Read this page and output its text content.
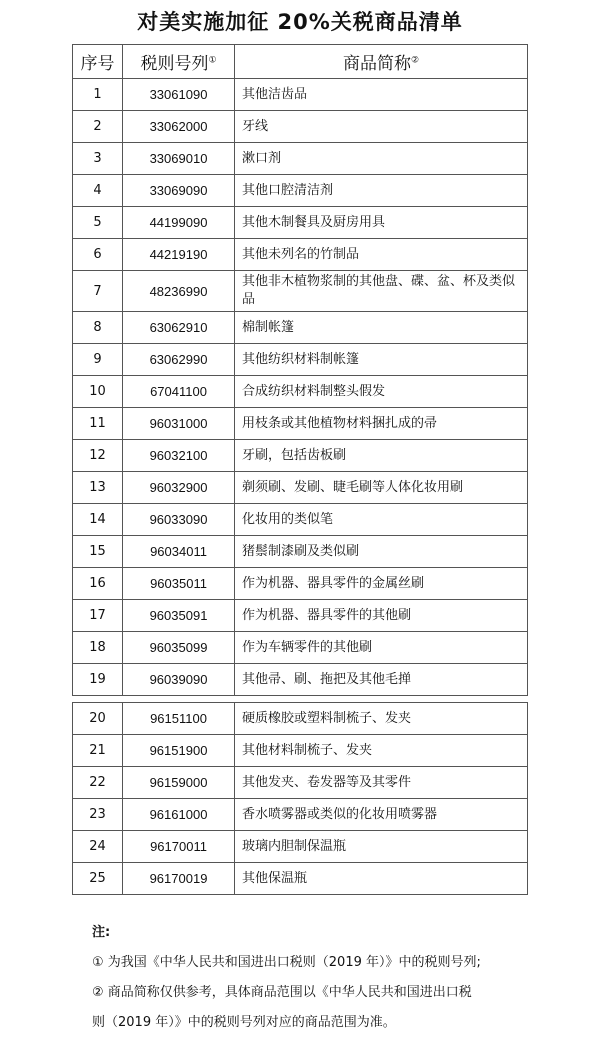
对美实施加征 20%关税商品清单
序号	税则号列①	商品简称②
1	33061090	其他洁齿品
2	33062000	牙线
3	33069010	漱口剂
4	33069090	其他口腔清洁剂
5	44199090	其他木制餐具及厨房用具
6	44219190	其他未列名的竹制品
7	48236990	其他非木植物浆制的其他盘、碟、盆、杯及类似品
8	63062910	棉制帐篷
9	63062990	其他纺织材料制帐篷
10	67041100	合成纺织材料制整头假发
11	96031000	用枝条或其他植物材料捆扎成的帚
12	96032100	牙刷，包括齿板刷
13	96032900	剃须刷、发刷、睫毛刷等人体化妆用刷
14	96033090	化妆用的类似笔
15	96034011	猪鬃制漆刷及类似刷
16	96035011	作为机器、器具零件的金属丝刷
17	96035091	作为机器、器具零件的其他刷
18	96035099	作为车辆零件的其他刷
19	96039090	其他帚、刷、拖把及其他毛掸
20	96151100	硬质橡胶或塑料制梳子、发夹
21	96151900	其他材料制梳子、发夹
22	96159000	其他发夹、卷发器等及其零件
23	96161000	香水喷雾器或类似的化妆用喷雾器
24	96170011	玻璃内胆制保温瓶
25	96170019	其他保温瓶
注:
① 为我国《中华人民共和国进出口税则（2019 年）》中的税则号列;
② 商品简称仅供参考，具体商品范围以《中华人民共和国进出口税
则（2019 年）》中的税则号列对应的商品范围为准。
